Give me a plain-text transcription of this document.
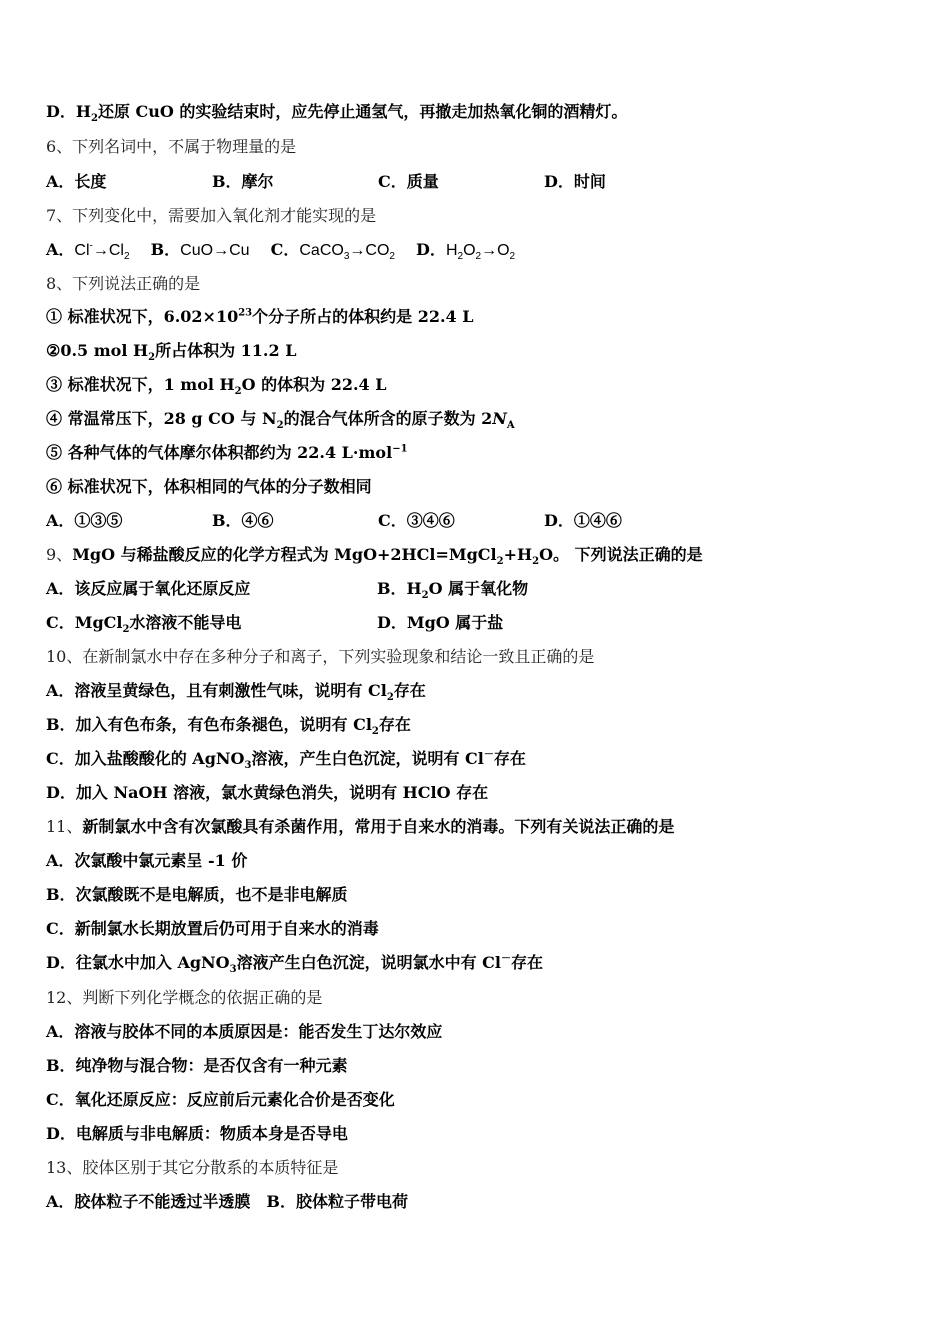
D．$H_2$还原 CuO 的实验结束时，应先停止通氢气，再撤走加热氧化铜的酒精灯。
6、下列名词中，不属于物理量的是
A．长度	B．摩尔	C．质量	D．时间
7、下列变化中，需要加入氧化剂才能实现的是
A．$Cl^-\to Cl_2$ B．CuO→Cu C．$CaCO_3\to CO_2$ D．$H_2O_2\to O_2$
8、下列说法正确的是
① 标准状况下，$6.02\times 10^{23}$个分子所占的体积约是 22.4 L
②0.5 mol $H_2$所占体积为 11.2 L
③ 标准状况下，1 mol $H_2O$ 的体积为 22.4 L
④ 常温常压下，28 g CO 与 $N_2$的混合气体所含的原子数为 $2N_A$
⑤ 各种气体的气体摩尔体积都约为 22.4 L·mol$^{-1}$
⑥ 标准状况下，体积相同的气体的分子数相同
A．①③⑤	B．④⑥	C．③④⑥	D．①④⑥
9、MgO 与稀盐酸反应的化学方程式为 $MgO+2HCl=MgCl_2+H_2O$。 下列说法正确的是
A．该反应属于氧化还原反应	B．$H_2O$ 属于氧化物
C．MgCl$_2$水溶液不能导电	D．MgO 属于盐
10、在新制氯水中存在多种分子和离子，下列实验现象和结论一致且正确的是
A．溶液呈黄绿色，且有刺激性气味，说明有 $Cl_2$存在
B．加入有色布条，有色布条褪色，说明有 $Cl_2$存在
C．加入盐酸酸化的 AgNO$_3$溶液，产生白色沉淀，说明有 Cl－存在
D．加入 NaOH 溶液，氯水黄绿色消失，说明有 HClO 存在
11、新制氯水中含有次氯酸具有杀菌作用，常用于自来水的消毒。下列有关说法正确的是
A．次氯酸中氯元素呈 -1 价
B．次氯酸既不是电解质，也不是非电解质
C．新制氯水长期放置后仍可用于自来水的消毒
D．往氯水中加入 AgNO$_3$溶液产生白色沉淀，说明氯水中有 Cl－存在
12、判断下列化学概念的依据正确的是
A．溶液与胶体不同的本质原因是：能否发生丁达尔效应
B．纯净物与混合物：是否仅含有一种元素
C．氧化还原反应：反应前后元素化合价是否变化
D．电解质与非电解质：物质本身是否导电
13、胶体区别于其它分散系的本质特征是
A．胶体粒子不能透过半透膜 B．胶体粒子带电荷
